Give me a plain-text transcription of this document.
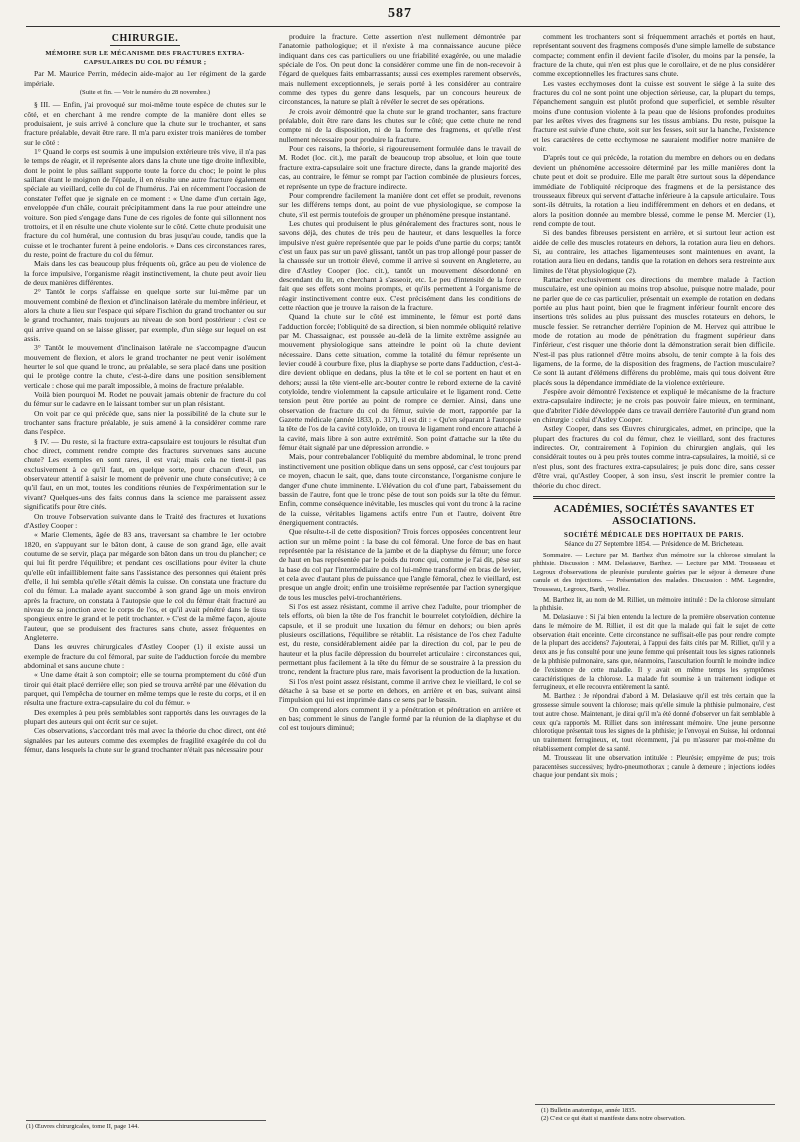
587
CHIRURGIE.
MÉMOIRE SUR LE MÉCANISME DES FRACTURES EXTRA-CAPSULAIRES DU COL DU FÉMUR ;

Par M. Maurice Perrin, médecin aide-major au 1er régiment de la garde impériale.

(Suite et fin. — Voir le numéro du 28 novembre.)

§ III. — Enfin, j'ai provoqué sur moi-même toute espèce de chutes sur le côté, et en cherchant à me rendre compte de la manière dont elles se produisaient, je suis arrivé à conclure que la chute sur le trochanter, et sans fracture préalable, devait être rare. Il m'a paru exister trois manières de tomber sur le côté :

1° Quand le corps est soumis à une impulsion extérieure très vive, il n'a pas le temps de réagir, et il représente alors dans la chute une tige droite inflexible, dont le point le plus saillant supporte toute la force du choc; le point le plus saillant étant le moignon de l'épaule, il en résulte une autre fracture également spéciale au vieillard, celle du col de l'humérus. J'ai en récemment l'occasion de constater l'effet que je signale en ce moment : « Une dame d'un certain âge, enveloppée d'un châle, courait précipitamment dans la rue pour atteindre une voiture. Son pied s'engage dans l'une de ces rigoles de fonte qui sillonnent nos trottoirs, et il en résulte une chute violente sur le côté. Cette chute produisit une fracture du col huméral, une contusion du bras jusqu'au coude, tandis que la cuisse et le trochanter furent à peine endoloris. » Dans ces circonstances rares, du reste, point de fracture du col du fémur.

Mais dans les cas beaucoup plus fréquents où, grâce au peu de violence de la force impulsive, l'organisme réagit instinctivement, la chute peut avoir lieu de deux manières différentes.

2° Tantôt le corps s'affaisse en quelque sorte sur lui-même par un mouvement combiné de flexion et d'inclinaison latérale du membre inférieur, et alors la chute a lieu sur l'espace qui sépare l'ischion du grand trochanter ou sur le grand trochanter, mais toujours au niveau de son bord postérieur : c'est ce qui arrive quand on se laisse glisser, par exemple, d'un siège sur lequel on est assis.

3° Tantôt le mouvement d'inclinaison latérale ne s'accompagne d'aucun mouvement de flexion, et alors le grand trochanter ne peut venir isolément heurter le sol que quand le tronc, au préalable, se sera placé dans une position qui le protège contre la chute, c'est-à-dire dans une position sensiblement verticale : chose qui me paraît impossible, à moins de fracture préalable.

Voilà bien pourquoi M. Rodet ne pouvait jamais obtenir de fracture du col du fémur sur le cadavre en le laissant tomber sur un plan résistant.

On voit par ce qui précède que, sans nier la possibilité de la chute sur le trochanter sans fracture préalable, je suis amené à la considérer comme rare dans l'espèce.

§ IV. — Du reste, si la fracture extra-capsulaire est toujours le résultat d'un choc direct, comment rendre compte des fractures survenues sans aucune chute? Les exemples en sont rares, il est vrai; mais cela ne tient-il pas exclusivement à ce qu'il faut, en quelque sorte, pour chacun d'eux, un observateur attentif à saisir le moment de prévenir une chute consécutive; à ce qu'il faut, en un mot, toutes les conditions réunies de l'expérimentation sur le vivant? Quelques-uns des faits connus dans la science me paraissent assez significatifs pour être cités.

On trouve l'observation suivante dans le Traité des fractures et luxations d'Astley Cooper :

« Marie Clements, âgée de 83 ans, traversant sa chambre le 1er octobre 1820, en s'appuyant sur le bâton dont, à cause de son grand âge, elle avait coutume de se servir, plaça par mégarde son bâton dans un trou du plancher; ce qui lui fit perdre l'équilibre; et pendant ces oscillations pour éviter la chute qu'elle eût infailliblement faite sans l'assistance des personnes qui étaient près d'elle, il lui sembla qu'elle s'était démis la cuisse. On constata une fracture du col du fémur. La malade ayant succombé à son grand âge un mois environ après la fracture, on constata à l'autopsie que le col du fémur était fracturé au niveau de sa jonction avec le corps de l'os, et qu'il avait pénétré dans le tissu spongieux entre le grand et le petit trochanter. » C'est de la même façon, ajoute l'auteur, que se produisent des fractures sans chute, assez fréquentes en Angleterre.

Dans les œuvres chirurgicales d'Astley Cooper (1) il existe aussi un exemple de fracture du col fémoral, par suite de l'adduction forcée du membre abdominal et sans aucune chute :

« Une dame était à son comptoir; elle se tourna promptement du côté d'un tiroir qui était placé derrière elle; son pied se trouva arrêté par une élévation du parquet, qui l'empêcha de tourner en même temps que le reste du corps, et il en résulta une fracture extra-capsulaire du col du fémur. »

Des exemples à peu près semblables sont rapportés dans les ouvrages de la plupart des auteurs qui ont écrit sur ce sujet.

Ces observations, s'accordant très mal avec la théorie du choc direct, ont été signalées par les auteurs comme des exemples de fragilité exagérée du col du fémur, dans lesquels la chute sur le grand trochanter n'était pas nécessaire pour

produire la fracture. Cette assertion n'est nullement démontrée par l'anatomie pathologique; et il n'existe à ma connaissance aucune pièce indiquant dans ces cas particuliers ou une friabilité exagérée, ou une maladie spéciale de l'os. On peut donc la considérer comme une fin de non-recevoir à l'égard de quelques faits embarrassants; aussi ces exemples rarement observés, mais nullement exceptionnels, je serais porté à les considérer au contraire comme des types du genre dans lesquels, par un concours heureux de circonstances, la nature se plaît à révéler le secret de ses opérations.

Je crois avoir démontré que la chute sur le grand trochanter, sans fracture préalable, doit être rare dans les chutes sur le côté; que cette chute ne rend compte ni de la disposition, ni de la forme des fragmens, et qu'elle n'est nullement nécessaire pour produire la fracture.

Pour ces raisons, la théorie, si rigoureusement formulée dans le travail de M. Rodet (loc. cit.), me paraît de beaucoup trop absolue, et loin que toute fracture extra-capsulaire soit une fracture directe, dans la grande majorité des cas, au contraire, le fémur se rompt par l'action combinée de plusieurs forces, et représente un type de fracture indirecte.

Pour comprendre facilement la manière dont cet effet se produit, revenons sur les différens temps dont, au point de vue physiologique, se compose la chute, s'il est permis toutefois de grouper un phénomène presque instantané.

Les chutes qui produisent le plus généralement des fractures sont, nous le savons déjà, des chutes de très peu de hauteur, et dans lesquelles la force impulsive n'est guère représentée que par le poids d'une partie du corps; tantôt c'est un faux pas sur un pavé glissant, tantôt un pas trop allongé pour passer de la chaussée sur un trottoir élevé, comme il arrive si souvent en Angleterre, au dire d'Astley Cooper (loc. cit.), tantôt un mouvement désordonné en descendant du lit, en cherchant à s'asseoir, etc. Le peu d'intensité de la force fait que ses effets sont moins prompts, et qu'ils permettent à l'organisme de réagir instinctivement contre eux. C'est précisément dans les conditions de cette réaction que je trouve la raison de la fracture.

Quand la chute sur le côté est imminente, le fémur est porté dans l'adduction forcée; l'obliquité de sa direction, si bien nommée obliquité relative par M. Chassaignac, est poussée au-delà de la limite extrême assignée au mouvement physiologique sans atteindre le point où la chute devient nécessaire. Dans cette situation, comme la totalité du fémur représente un levier coudé à courbure fixe, plus la diaphyse se porte dans l'adduction, c'est-à-dire devient oblique en dedans, plus la tête et le col se portent en haut et en dehors; aussi la tête vient-elle arc-bouter contre le rebord externe de la cavité cotyloïde, tendre violemment la capsule articulaire et le ligament rond. Cette tension peut être portée au point de rompre ce dernier. Ainsi, dans une observation de fracture du col du fémur, suivie de mort, rapportée par la Gazette médicale (année 1833, p. 317), il est dit : « Qu'en séparant à l'autopsie la tête de l'os de la cavité cotyloïde, on trouva le ligament rond encore attaché à la cavité, mais libre à son autre extrémité. Son point d'attache sur la tête du fémur était signalé par une dépression arrondie. »

Mais, pour contrebalancer l'obliquité du membre abdominal, le tronc prend instinctivement une position oblique dans un sens opposé, car c'est toujours par ce moyen, chacun le sait, que, dans toute circonstance, l'organisme conjure le danger d'une chute imminente. L'élévation du col d'une part, l'abaissement du bassin de l'autre, font que le tronc pèse de tout son poids sur la tête du fémur. Enfin, comme conséquence inévitable, les muscles qui vont du tronc à la racine de la cuisse, véritables ligamens actifs entre l'un et l'autre, doivent être énergiquement contractés.

Que résulte-t-il de cette disposition? Trois forces opposées concentrent leur action sur un même point : la base du col fémoral. Une force de bas en haut représentée par la résistance de la jambe et de la diaphyse du fémur; une force de haut en bas représentée par le poids du tronc qui, comme je l'ai dit, pèse sur la base du col par l'intermédiaire du col lui-même transformé en bras de levier, et cela avec d'autant plus de puissance que l'angle fémoral, chez le vieillard, est presque un angle droit; enfin une troisième représentée par l'action synergique de tous les muscles pelvi-trochantériens.

Si l'os est assez résistant, comme il arrive chez l'adulte, pour triompher de tels efforts, où bien la tête de l'os franchit le bourrelet cotyloïdien, déchire la capsule, et il se produit une luxation du fémur en dehors; ou bien après plusieurs oscillations, l'équilibre se rétablit. La résistance de l'os chez l'adulte est, du reste, considérablement aidée par la direction du col, par le peu de hauteur et la plus facile dépression du bourrelet articulaire : circonstances qui, permettant plus facilement à la tête du fémur de se soustraire à la pression du tronc, rendent la fracture plus rare, mais favorisent la production de la luxation.

Si l'os n'est point assez résistant, comme il arrive chez le vieillard, le col se détache à sa base et se porte en dehors, en arrière et en bas, suivant ainsi l'impulsion qui lui est imprimée dans ce sens par le bassin.

On comprend alors comment il y a pénétration et pénétration en arrière et en bas; comment le sinus de l'angle formé par la réunion de la diaphyse et du col est toujours diminué;

comment les trochanters sont si fréquemment arrachés et portés en haut, représentant souvent des fragmens composés d'une simple lamelle de substance compacte; comment enfin il devient facile d'isoler, du moins par la pensée, la fracture de la chute, qui n'en est plus que le corollaire, et de ne plus considérer comme exceptionnelles les fractures sans chute.

Les vastes ecchymoses dont la cuisse est souvent le siége à la suite des fractures du col ne sont point une objection sérieuse, car, la plupart du temps, l'épanchement sanguin est plutôt profond que superficiel, et semble résulter moins d'une contusion violente à la peau que de lésions profondes produites par les arêtes vives des fragmens sur les tissus ambians. Du reste, puisque la fracture est suivie d'une chute, soit sur les fesses, soit sur la hanche, l'existence et les caractères de cette ecchymose ne sauraient modifier notre manière de voir.

D'après tout ce qui précède, la rotation du membre en dehors ou en dedans devient un phénomène accessoire déterminé par les mille manières dont la chute peut et doit se produire. Elle me paraît être surtout sous la dépendance immédiate de l'obliquité réciproque des fragmens et de la persistance des trousseaux fibreux qui servent d'attache inférieure à la capsule articulaire. Tous sont-ils détruits, la rotation a lieu indifféremment en dehors et en dedans, et alors la position donnée au membre blessé, comme le pense M. Mercier (1), rend compte de tout.

Si des bandes fibreuses persistent en arrière, et si surtout leur action est aidée de celle des muscles rotateurs en dehors, la rotation aura lieu en dehors. Si, au contraire, les attaches ligamenteuses sont maintenues en avant, la rotation aura lieu en dedans, tandis que la rotation en dehors sera restreinte aux limites de l'état physiologique (2).

Rattacher exclusivement ces directions du membre malade à l'action musculaire, est une opinion au moins trop absolue, puisque notre malade, pour ne parler que de ce cas particulier, présentait un exemple de rotation en dedans portée au plus haut point, bien que le fragment inférieur fournît encore des insertions très solides au plus puissant des muscles rotateurs en dehors, le muscle fessier. Se retrancher derrière l'opinion de M. Hervez qui attribue le mode de rotation au mode de pénétration du fragment supérieur dans l'inférieur, c'est risquer une théorie dont la démonstration serait bien difficile. N'est-il pas plus rationnel d'être moins absolu, de tenir compte à la fois des ligamens, de la forme, de la disposition des fragmens, de l'action musculaire? Ce sont là autant d'élémens différens du problème, mais qui tous doivent être placés sous la dépendance immédiate de la violence extérieure.

J'espère avoir démontré l'existence et expliqué le mécanisme de la fracture extra-capsulaire indirecte; je ne crois pas pouvoir faire mieux, en terminant, que d'abriter l'idée développée dans ce travail derrière l'autorité d'un grand nom en chirurgie : celui d'Astley Cooper.

Astley Cooper, dans ses Œuvres chirurgicales, admet, en principe, que la plupart des fractures du col du fémur, chez le vieillard, sont des fractures indirectes. Or, contrairement à l'opinion du chirurgien anglais, qui les considérait toutes ou à peu près toutes comme intra-capsulaires, la moitié, si ce n'est plus, sont des fractures extra-capsulaires; je puis donc dire, sans cesser d'être vrai, qu'Astley Cooper, à son insu, s'est inscrit le premier contre la théorie du choc direct.

ACADÉMIES, SOCIÉTÉS SAVANTES ET ASSOCIATIONS.
SOCIÉTÉ MÉDICALE DES HOPITAUX DE PARIS.
Séance du 27 Septembre 1854. — Présidence de M. Bricheteau.

Sommaire. — Lecture par M. Barthez d'un mémoire sur la chlorose simulant la phthisie. Discussion : MM. Delasiauve, Barthez. — Lecture par MM. Trousseau et Legroux d'observations de pleurésie purulente guéries par le séjour à demeure d'une canule et des injections. — Présentation des malades. Discussion : MM. Legendre, Trousseau, Legroux, Barth, Woillez.

M. Barthez lit, au nom de M. Rilliet, un mémoire intitulé : De la chlorose simulant la phthisie.

M. Delasiauve : Si j'ai bien entendu la lecture de la première observation contenue dans le mémoire de M. Rilliet, il est dit que la malade qui fait le sujet de cette observation était enceinte. Cette circonstance ne suffisait-elle pas pour rendre compte de la plupart des accidens? J'ajouterai, à l'appui des faits cités par M. Rilliet, qu'il y a deux ans je fus consulté pour une jeune femme qui présentait tous les signes rationnels de la phthisie pulmonaire, sans que, néanmoins, l'auscultation fournît le moindre indice de l'existence de cette maladie. Il y avait en même temps les symptômes caractéristiques de la chlorose. La malade fut soumise à un traitement iodique et ferrugineux, et elle recouvra entièrement la santé.

M. Barthez : Je répondrai d'abord à M. Delasiauve qu'il est très certain que la grossesse simule souvent la chlorose; mais qu'elle simule la phthisie pulmonaire, c'est tout autre chose. Maintenant, je dirai qu'il m'a été donné d'observer un fait semblable à ceux qu'a rapportés M. Rilliet dans son intéressant mémoire. Une jeune personne chlorotique présentait tous les signes de la phthisie; je l'envoyai en Suisse, lui ordonnai un traitement ferrugineux, et, tout récemment, j'ai pu m'assurer par moi-même du rétablissement complet de sa santé.

M. Trousseau lit une observation intitulée : Pleurésie; empyème de pus; trois paracentèses successives; hydro-pneumothorax ; canule à demeure ; injections iodées chaque jour pendant six mois ;

(1) Œuvres chirurgicales, tome II, page 144.
(1) Bulletin anatomique, année 1835.
(2) C'est ce qui était si manifeste dans notre observation.
